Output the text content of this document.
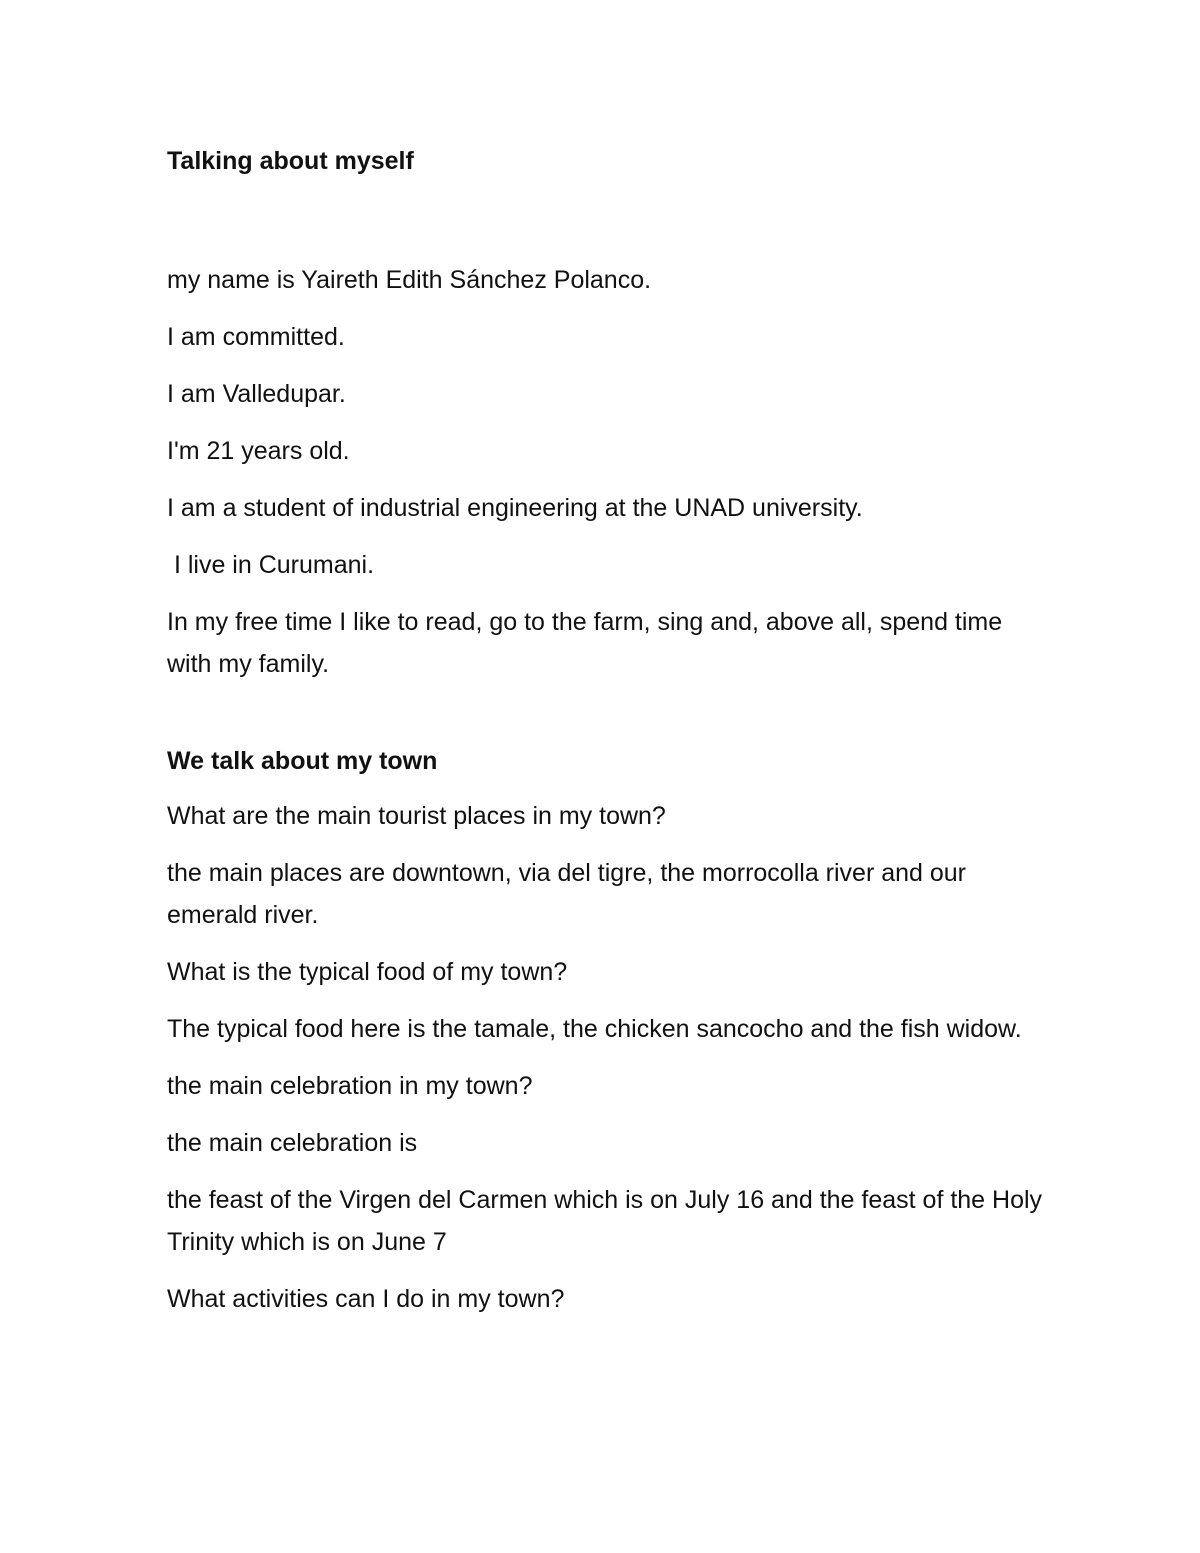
Talking about myself

my name is Yaireth Edith Sánchez Polanco.

I am committed.

I am Valledupar.

I'm 21 years old.

I am a student of industrial engineering at the UNAD university.

I live in Curumani.

In my free time I like to read, go to the farm, sing and, above all, spend time with my family.

We talk about my town

What are the main tourist places in my town?

the main places are downtown, via del tigre, the morrocolla river and our emerald river.

What is the typical food of my town?

The typical food here is the tamale, the chicken sancocho and the fish widow.

the main celebration in my town?

the main celebration is

the feast of the Virgen del Carmen which is on July 16 and the feast of the Holy Trinity which is on June 7

What activities can I do in my town?
